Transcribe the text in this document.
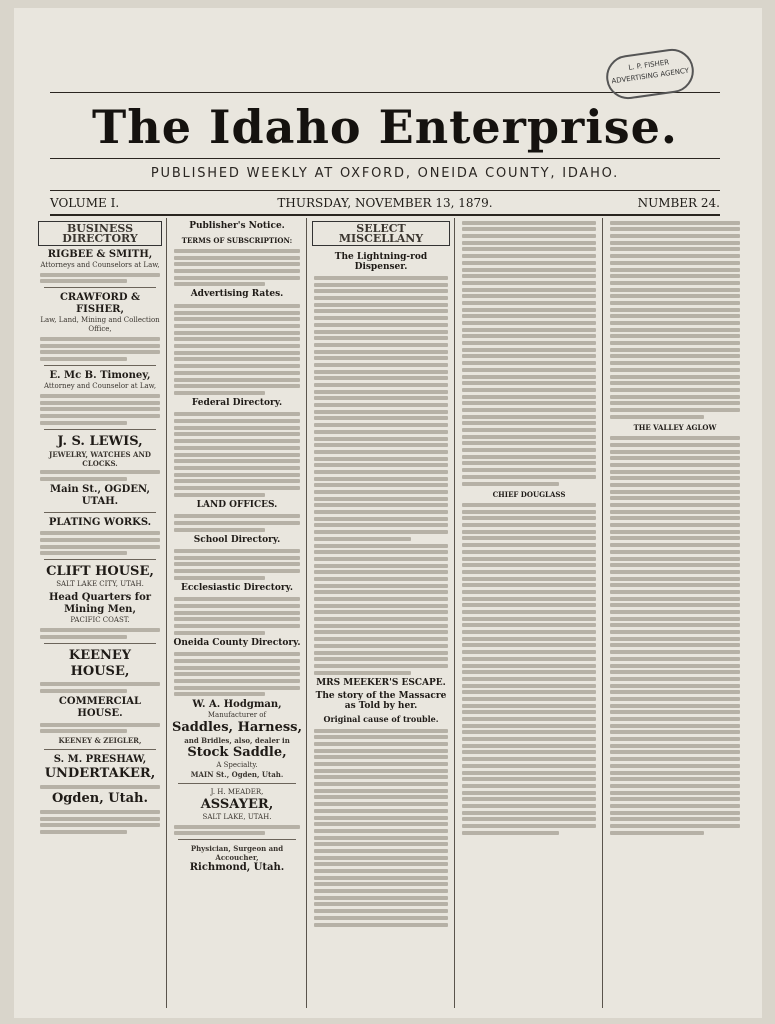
L. P. FISHER ADVERTISING AGENCY
The Idaho Enterprise.
PUBLISHED WEEKLY AT OXFORD, ONEIDA COUNTY, IDAHO.
VOLUME I.	THURSDAY, NOVEMBER 13, 1879.	NUMBER 24.
BUSINESS DIRECTORY
RIGBEE & SMITH,
Attorneys and Counselors at Law,
CRAWFORD & FISHER,
Law, Land, Mining and Collection Office,
E. Mc B. Timoney,
Attorney and Counselor at Law,
J. S. LEWIS,
JEWELRY, WATCHES AND CLOCKS.
Main St., OGDEN, UTAH.
PLATING WORKS.
CLIFT HOUSE,
SALT LAKE CITY, UTAH.
Head Quarters for Mining Men,
PACIFIC COAST.
KEENEY HOUSE,
COMMERCIAL HOUSE.
KEENEY & ZEIGLER,
S. M. PRESHAW,
UNDERTAKER,
Ogden, Utah.
Publisher's Notice.
TERMS OF SUBSCRIPTION:
Advertising Rates.
Federal Directory.
LAND OFFICES.
School Directory.
Ecclesiastic Directory.
Oneida County Directory.
W. A. Hodgman,
Manufacturer of
Saddles, Harness,
and Bridles, also, dealer in
Stock Saddle,
A Specialty.
MAIN St., Ogden, Utah.
J. H. MEADER,
ASSAYER,
SALT LAKE, UTAH.
Physician, Surgeon and Accoucher,
Richmond, Utah.
SELECT MISCELLANY
The Lightning-rod Dispenser.
MRS MEEKER'S ESCAPE.
The story of the Massacre as Told by her.
Original cause of trouble.
CHIEF DOUGLASS
THE VALLEY AGLOW
